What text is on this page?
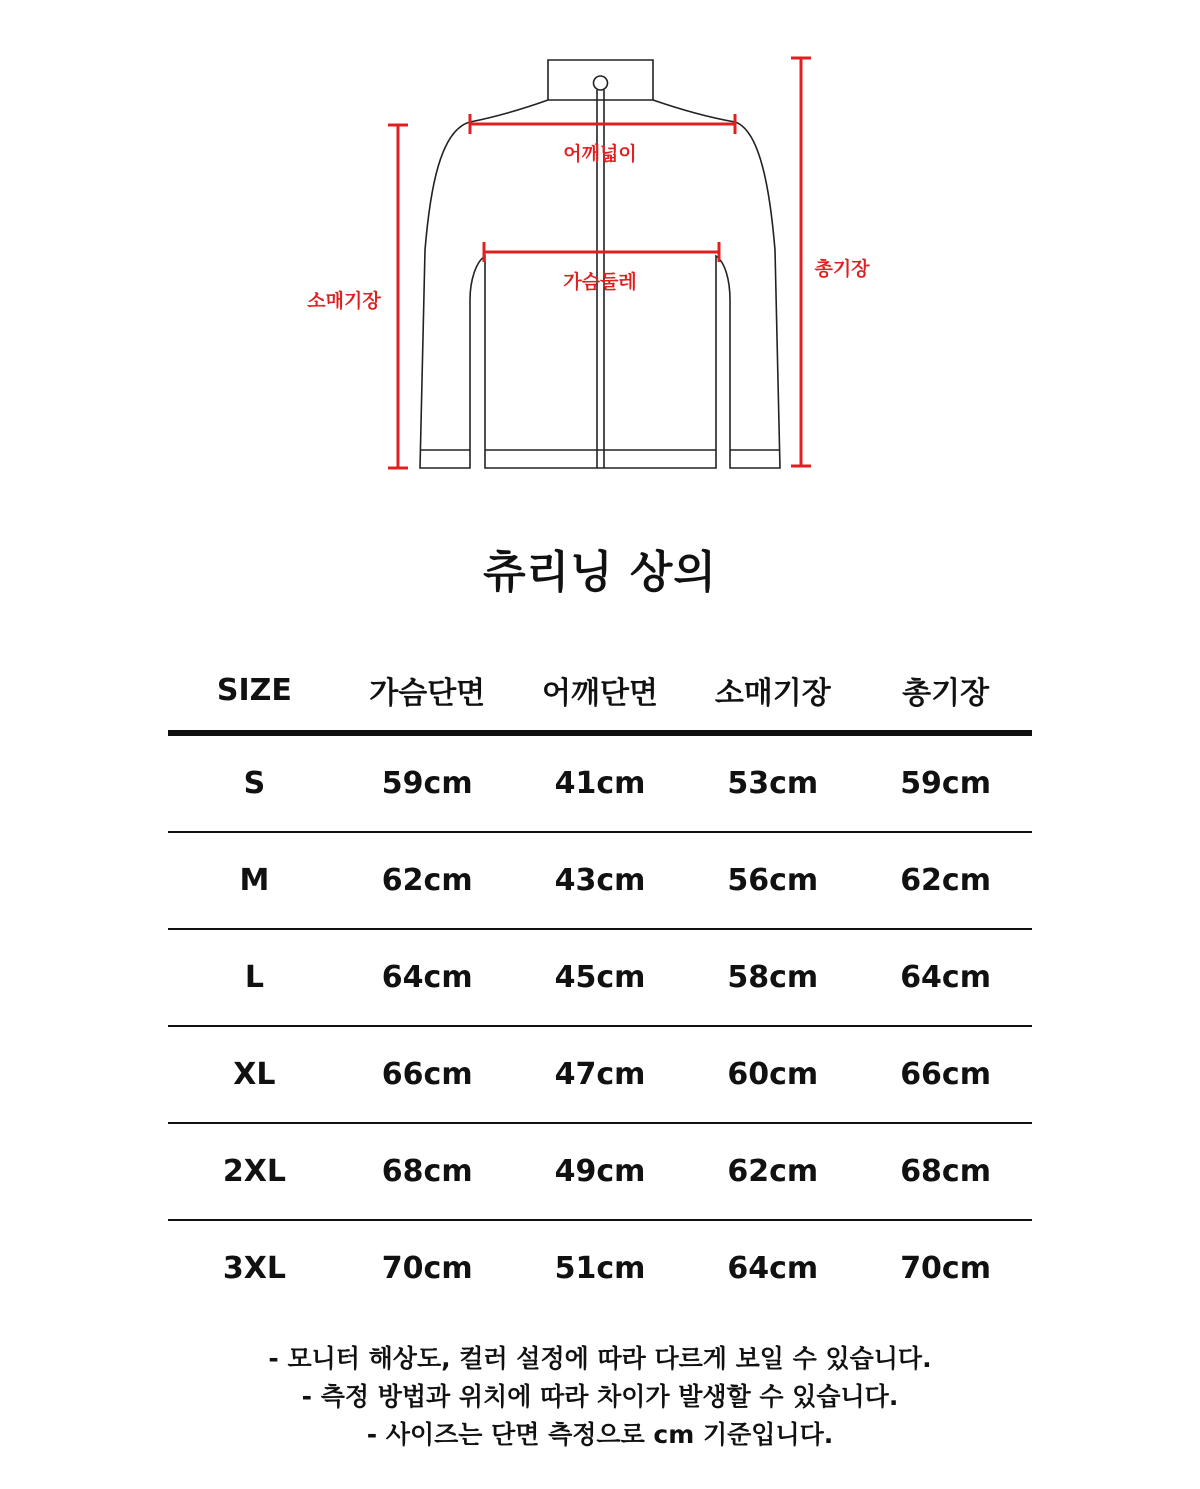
어깨넓이
가슴둘레
소매기장
총기장
츄리닝 상의
SIZE	가슴단면	어깨단면	소매기장	총기장
S	59cm	41cm	53cm	59cm
M	62cm	43cm	56cm	62cm
L	64cm	45cm	58cm	64cm
XL	66cm	47cm	60cm	66cm
2XL	68cm	49cm	62cm	68cm
3XL	70cm	51cm	64cm	70cm
- 모니터 해상도, 컬러 설정에 따라 다르게 보일 수 있습니다.
- 측정 방법과 위치에 따라 차이가 발생할 수 있습니다.
- 사이즈는 단면 측정으로 cm 기준입니다.
